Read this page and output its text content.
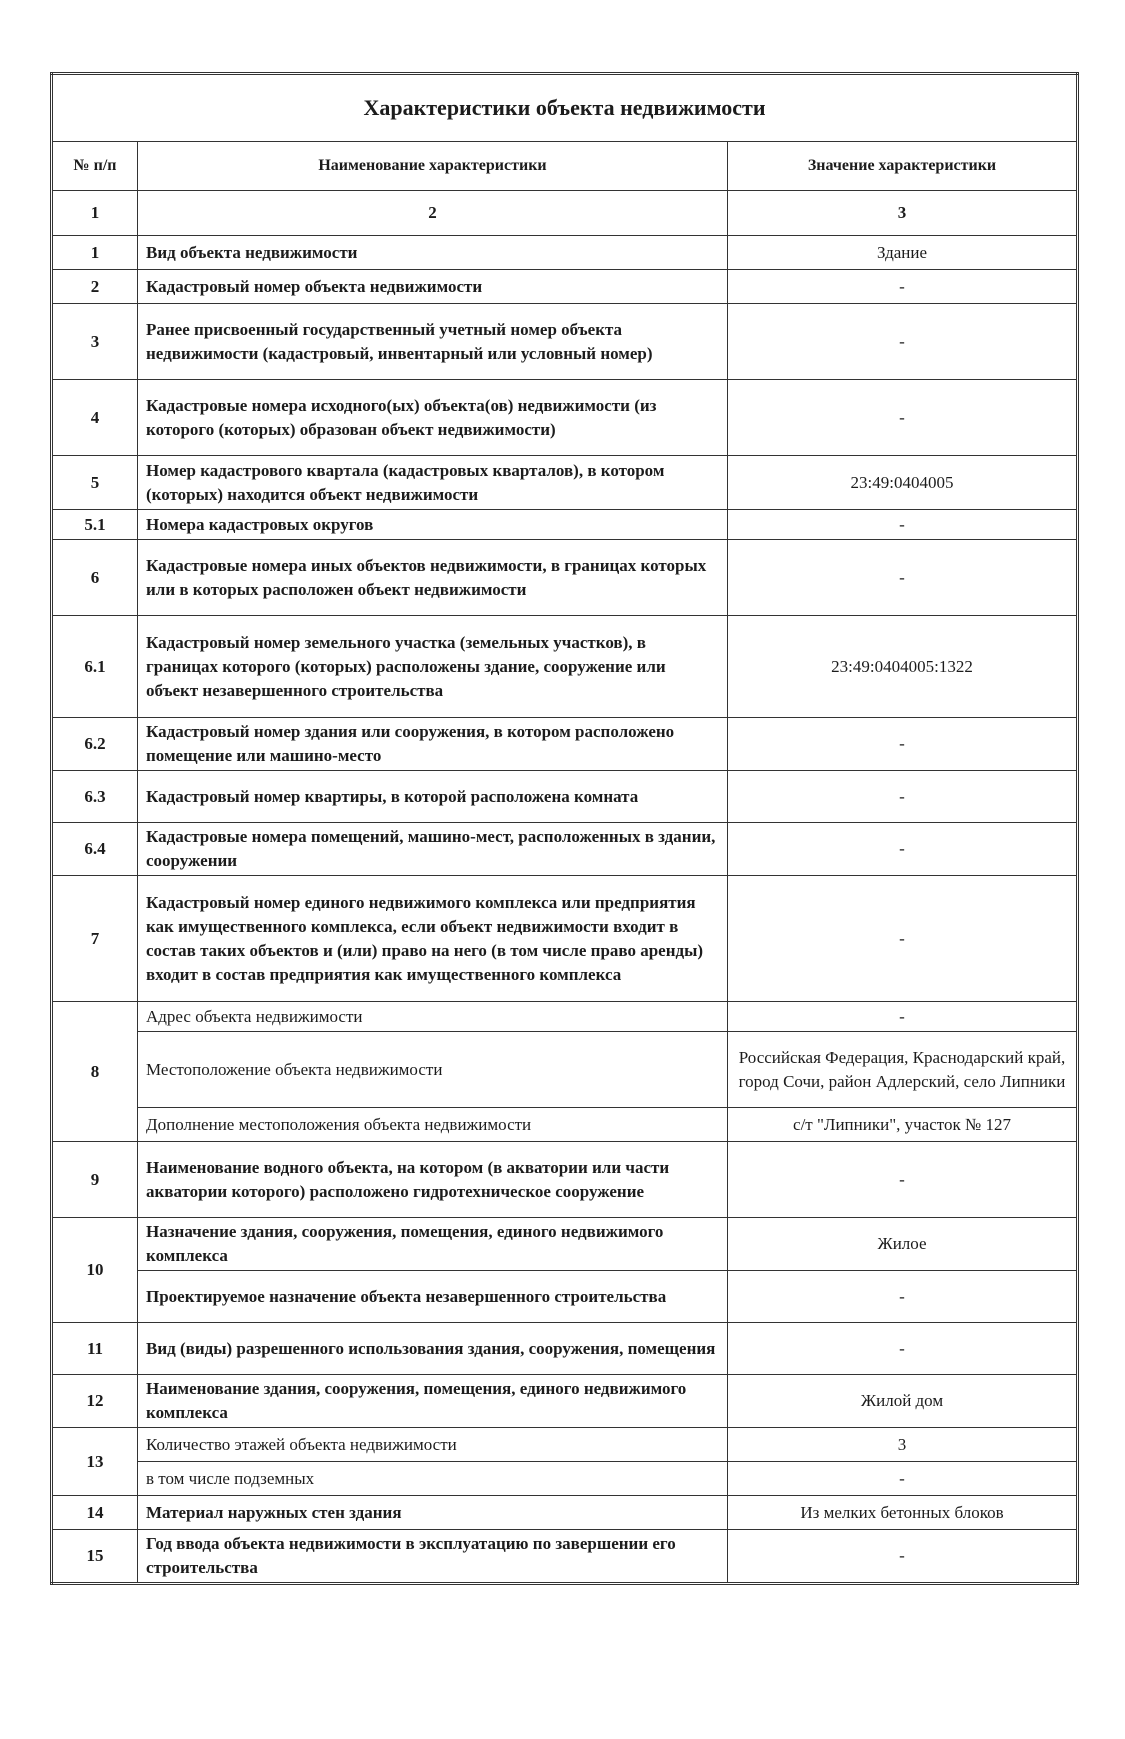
Характеристики объекта недвижимости		
№ п/п	Наименование характеристики	Значение характеристики
1	2	3
1	Вид объекта недвижимости	Здание
2	Кадастровый номер объекта недвижимости	-
3	Ранее присвоенный государственный учетный номер объекта недвижимости (кадастровый, инвентарный или условный номер)	-
4	Кадастровые номера исходного(ых) объекта(ов) недвижимости (из которого (которых) образован объект недвижимости)	-
5	Номер кадастрового квартала (кадастровых кварталов), в котором (которых) находится объект недвижимости	23:49:0404005
5.1	Номера кадастровых округов	-
6	Кадастровые номера иных объектов недвижимости, в границах которых или в которых расположен объект недвижимости	-
6.1	Кадастровый номер земельного участка (земельных участков), в границах которого (которых) расположены здание, сооружение или объект незавершенного строительства	23:49:0404005:1322
6.2	Кадастровый номер здания или сооружения, в котором расположено помещение или машино-место	-
6.3	Кадастровый номер квартиры, в которой расположена комната	-
6.4	Кадастровые номера помещений, машино-мест, расположенных в здании, сооружении	-
7	Кадастровый номер единого недвижимого комплекса или предприятия как имущественного комплекса, если объект недвижимости входит в состав таких объектов и (или) право на него (в том числе право аренды) входит в состав предприятия как имущественного комплекса	-
8	Адрес объекта недвижимости	-
	Местоположение объекта недвижимости	Российская Федерация, Краснодарский край, город Сочи, район Адлерский, село Липники
	Дополнение местоположения объекта недвижимости	с/т "Липники", участок № 127
9	Наименование водного объекта, на котором (в акватории или части акватории которого) расположено гидротехническое сооружение	-
10	Назначение здания, сооружения, помещения, единого недвижимого комплекса	Жилое
	Проектируемое назначение объекта незавершенного строительства	-
11	Вид (виды) разрешенного использования здания, сооружения, помещения	-
12	Наименование здания, сооружения, помещения, единого недвижимого комплекса	Жилой дом
13	Количество этажей объекта недвижимости	3
	в том числе подземных	-
14	Материал наружных стен здания	Из мелких бетонных блоков
15	Год ввода объекта недвижимости в эксплуатацию по завершении его строительства	-
